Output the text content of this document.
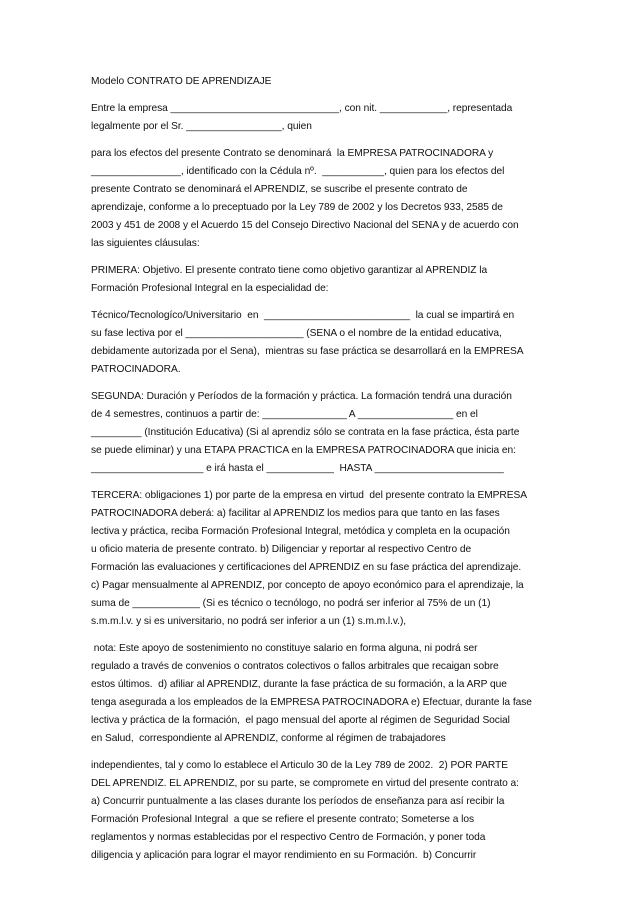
Modelo CONTRATO DE APRENDIZAJE
Entre la empresa ______________________________, con nit. ____________, representada
legalmente por el Sr. _________________, quien
para los efectos del presente Contrato se denominará  la EMPRESA PATROCINADORA y
________________, identificado con la Cédula nº.  ___________, quien para los efectos del
presente Contrato se denominará el APRENDIZ, se suscribe el presente contrato de
aprendizaje, conforme a lo preceptuado por la Ley 789 de 2002 y los Decretos 933, 2585 de
2003 y 451 de 2008 y el Acuerdo 15 del Consejo Directivo Nacional del SENA y de acuerdo con
las siguientes cláusulas:
PRIMERA: Objetivo. El presente contrato tiene como objetivo garantizar al APRENDIZ la
Formación Profesional Integral en la especialidad de:
Técnico/Tecnologíco/Universitario  en  __________________________  la cual se impartirá en
su fase lectiva por el _____________________ (SENA o el nombre de la entidad educativa,
debidamente autorizada por el Sena),  mientras su fase práctica se desarrollará en la EMPRESA
PATROCINADORA.
SEGUNDA: Duración y Períodos de la formación y práctica. La formación tendrá una duración
de 4 semestres, continuos a partir de: _______________ A _________________ en el
_________ (Institución Educativa) (Si al aprendiz sólo se contrata en la fase práctica, ésta parte
se puede eliminar) y una ETAPA PRACTICA en la EMPRESA PATROCINADORA que inicia en:
____________________ e irá hasta el ____________  HASTA _______________________
TERCERA: obligaciones 1) por parte de la empresa en virtud  del presente contrato la EMPRESA
PATROCINADORA deberá: a) facilitar al APRENDIZ los medios para que tanto en las fases
lectiva y práctica, reciba Formación Profesional Integral, metódica y completa en la ocupación
u oficio materia de presente contrato. b) Diligenciar y reportar al respectivo Centro de
Formación las evaluaciones y certificaciones del APRENDIZ en su fase práctica del aprendizaje.
c) Pagar mensualmente al APRENDIZ, por concepto de apoyo económico para el aprendizaje, la
suma de ____________ (Si es técnico o tecnólogo, no podrá ser inferior al 75% de un (1)
s.m.m.l.v. y si es universitario, no podrá ser inferior a un (1) s.m.m.l.v.),
nota: Este apoyo de sostenimiento no constituye salario en forma alguna, ni podrá ser
regulado a través de convenios o contratos colectivos o fallos arbitrales que recaigan sobre
estos últimos.  d) afiliar al APRENDIZ, durante la fase práctica de su formación, a la ARP que
tenga asegurada a los empleados de la EMPRESA PATROCINADORA e) Efectuar, durante la fase
lectiva y práctica de la formación,  el pago mensual del aporte al régimen de Seguridad Social
en Salud,  correspondiente al APRENDIZ, conforme al régimen de trabajadores
independientes, tal y como lo establece el Articulo 30 de la Ley 789 de 2002.  2) POR PARTE
DEL APRENDIZ. EL APRENDIZ, por su parte, se compromete en virtud del presente contrato a:
a) Concurrir puntualmente a las clases durante los períodos de enseñanza para así recibir la
Formación Profesional Integral  a que se refiere el presente contrato; Someterse a los
reglamentos y normas establecidas por el respectivo Centro de Formación, y poner toda
diligencia y aplicación para lograr el mayor rendimiento en su Formación.  b) Concurrir
